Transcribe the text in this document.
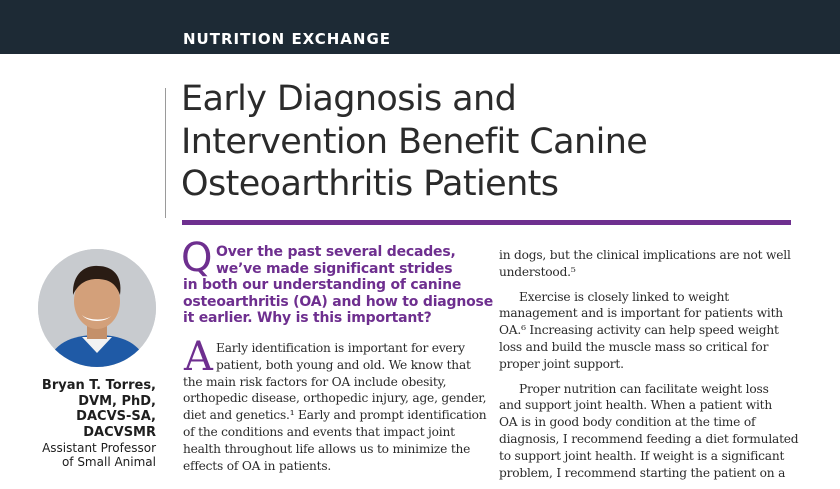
NUTRITION EXCHANGE
Early Diagnosis and
Intervention Benefit Canine
Osteoarthritis Patients
Bryan T. Torres,
DVM, PhD,
DACVS-SA,
DACVSMR
Assistant Professor
of Small Animal
Q Over the past several decades,
we’ve made significant strides
in both our understanding of canine
osteoarthritis (OA) and how to diagnose
it earlier. Why is this important?
A Early identification is important for every
patient, both young and old. We know that
the main risk factors for OA include obesity,
orthopedic disease, orthopedic injury, age, gender,
diet and genetics.¹ Early and prompt identification
of the conditions and events that impact joint
health throughout life allows us to minimize the
effects of OA in patients.
in dogs, but the clinical implications are not well
understood.⁵
Exercise is closely linked to weight
management and is important for patients with
OA.⁶ Increasing activity can help speed weight
loss and build the muscle mass so critical for
proper joint support.
Proper nutrition can facilitate weight loss
and support joint health. When a patient with
OA is in good body condition at the time of
diagnosis, I recommend feeding a diet formulated
to support joint health. If weight is a significant
problem, I recommend starting the patient on a
